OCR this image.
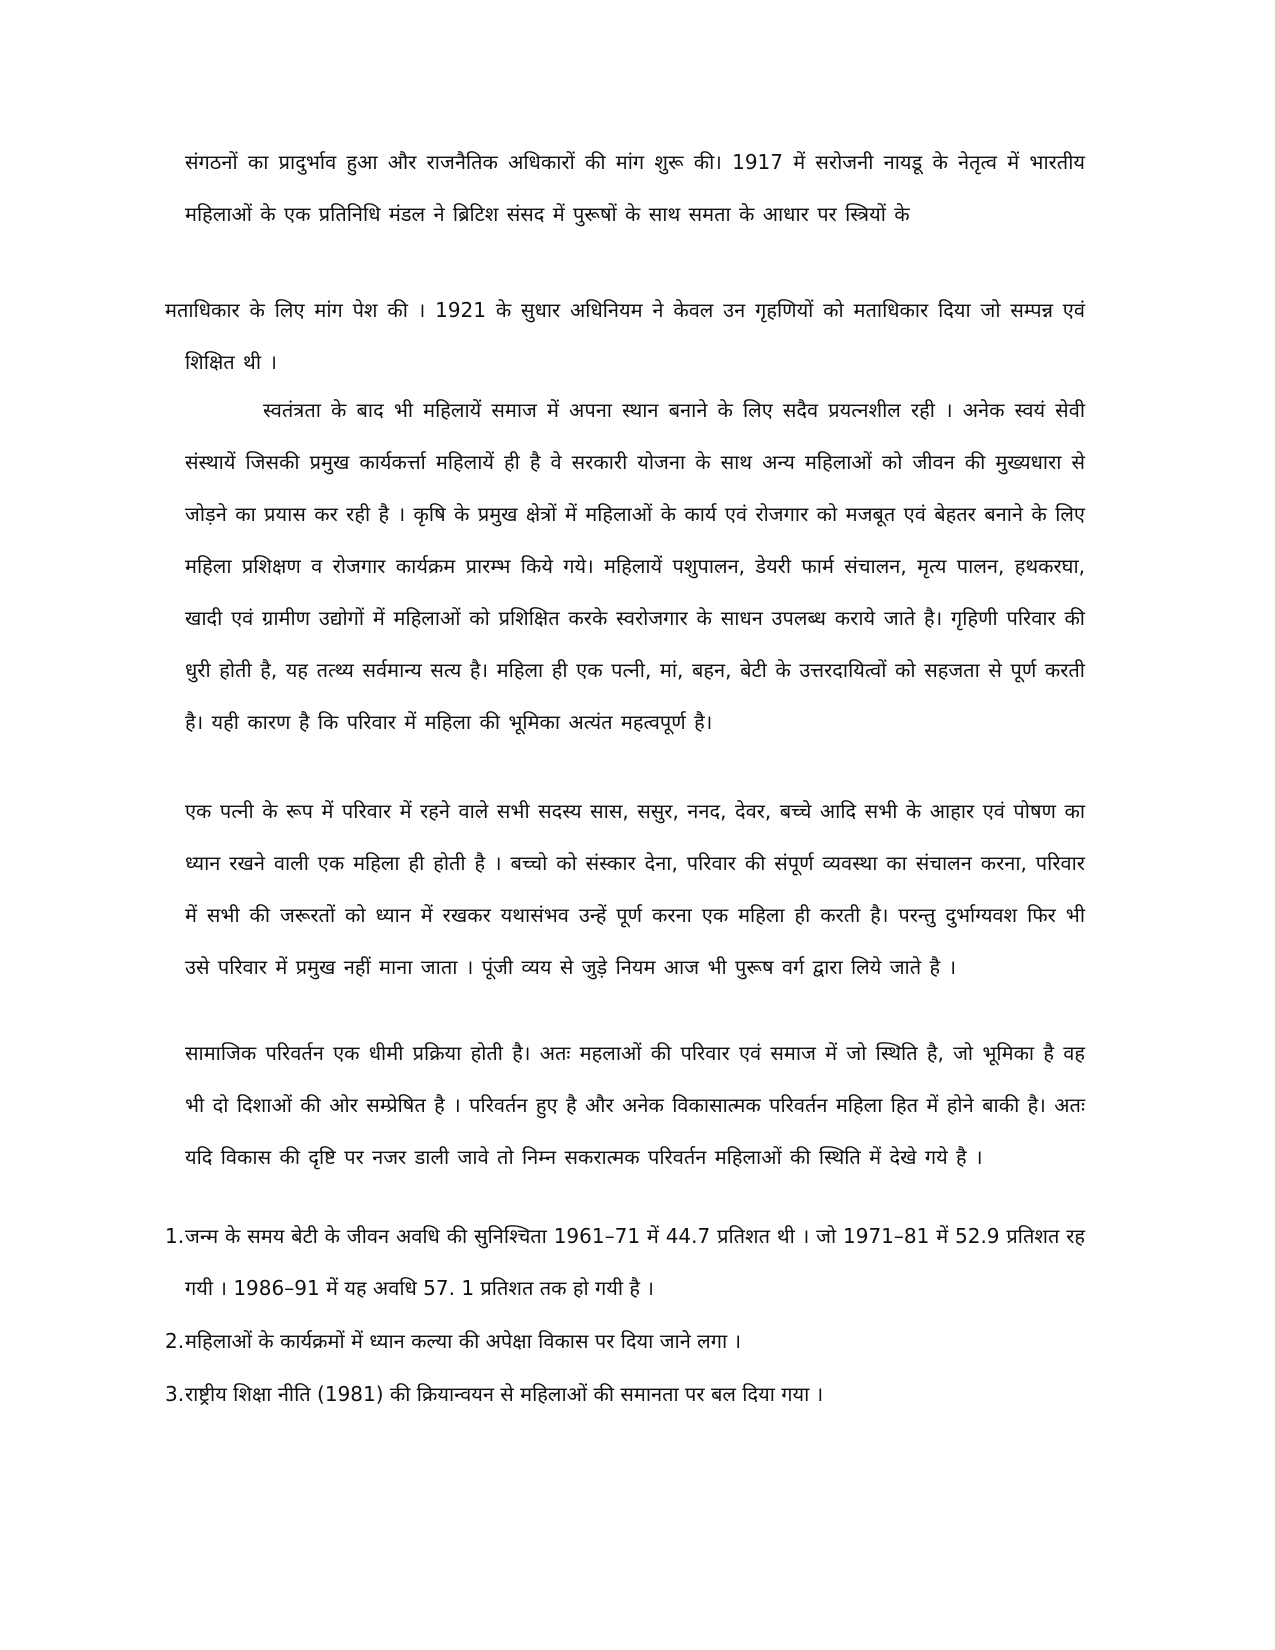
संगठनों का प्रादुर्भाव हुआ और राजनैतिक अधिकारों की मांग शुरू की। 1917 में सरोजनी नायडू के नेतृत्व में भारतीय महिलाओं के एक प्रतिनिधि मंडल ने ब्रिटिश संसद में पुरूषों के साथ समता के आधार पर स्त्रियों के

मताधिकार के लिए मांग पेश की । 1921 के सुधार अधिनियम ने केवल उन गृहणियों को मताधिकार दिया जो सम्पन्न एवं शिक्षित थी ।

स्वतंत्रता के बाद भी महिलायें समाज में अपना स्थान बनाने के लिए सदैव प्रयत्नशील रही । अनेक स्वयं सेवी संस्थायें जिसकी प्रमुख कार्यकर्त्ता महिलायें ही है वे सरकारी योजना के साथ अन्य महिलाओं को जीवन की मुख्यधारा से जोड़ने का प्रयास कर रही है । कृषि के प्रमुख क्षेत्रों में महिलाओं के कार्य एवं रोजगार को मजबूत एवं बेहतर बनाने के लिए महिला प्रशिक्षण व रोजगार कार्यक्रम प्रारम्भ किये गये। महिलायें पशुपालन, डेयरी फार्म संचालन, मृत्य पालन, हथकरघा, खादी एवं ग्रामीण उद्योगों में महिलाओं को प्रशिक्षित करके स्वरोजगार के साधन उपलब्ध कराये जाते है। गृहिणी परिवार की धुरी होती है, यह तत्थ्य सर्वमान्य सत्य है। महिला ही एक पत्नी, मां, बहन, बेटी के उत्तरदायित्वों को सहजता से पूर्ण करती है। यही कारण है कि परिवार में महिला की भूमिका अत्यंत महत्वपूर्ण है।

एक पत्नी के रूप में परिवार में रहने वाले सभी सदस्य सास, ससुर, ननद, देवर, बच्चे आदि सभी के आहार एवं पोषण का ध्यान रखने वाली एक महिला ही होती है । बच्चो को संस्कार देना, परिवार की संपूर्ण व्यवस्था का संचालन करना, परिवार में सभी की जरूरतों को ध्यान में रखकर यथासंभव उन्हें पूर्ण करना एक महिला ही करती है। परन्तु दुर्भाग्यवश फिर भी उसे परिवार में प्रमुख नहीं माना जाता । पूंजी व्यय से जुड़े नियम आज भी पुरूष वर्ग द्वारा लिये जाते है ।

सामाजिक परिवर्तन एक धीमी प्रक्रिया होती है। अतः महलाओं की परिवार एवं समाज में जो स्थिति है, जो भूमिका है वह भी दो दिशाओं की ओर सम्प्रेषित है । परिवर्तन हुए है और अनेक विकासात्मक परिवर्तन महिला हित में होने बाकी है। अतः यदि विकास की दृष्टि पर नजर डाली जावे तो निम्न सकरात्मक परिवर्तन महिलाओं की स्थिति में देखे गये है ।

1. जन्म के समय बेटी के जीवन अवधि की सुनिश्चिता 1961–71 में 44.7 प्रतिशत थी । जो 1971–81 में 52.9 प्रतिशत रह गयी । 1986–91 में यह अवधि 57. 1 प्रतिशत तक हो गयी है ।
2. महिलाओं के कार्यक्रमों में ध्यान कल्या की अपेक्षा विकास पर दिया जाने लगा ।
3. राष्ट्रीय शिक्षा नीति (1981) की क्रियान्वयन से महिलाओं की समानता पर बल दिया गया ।
